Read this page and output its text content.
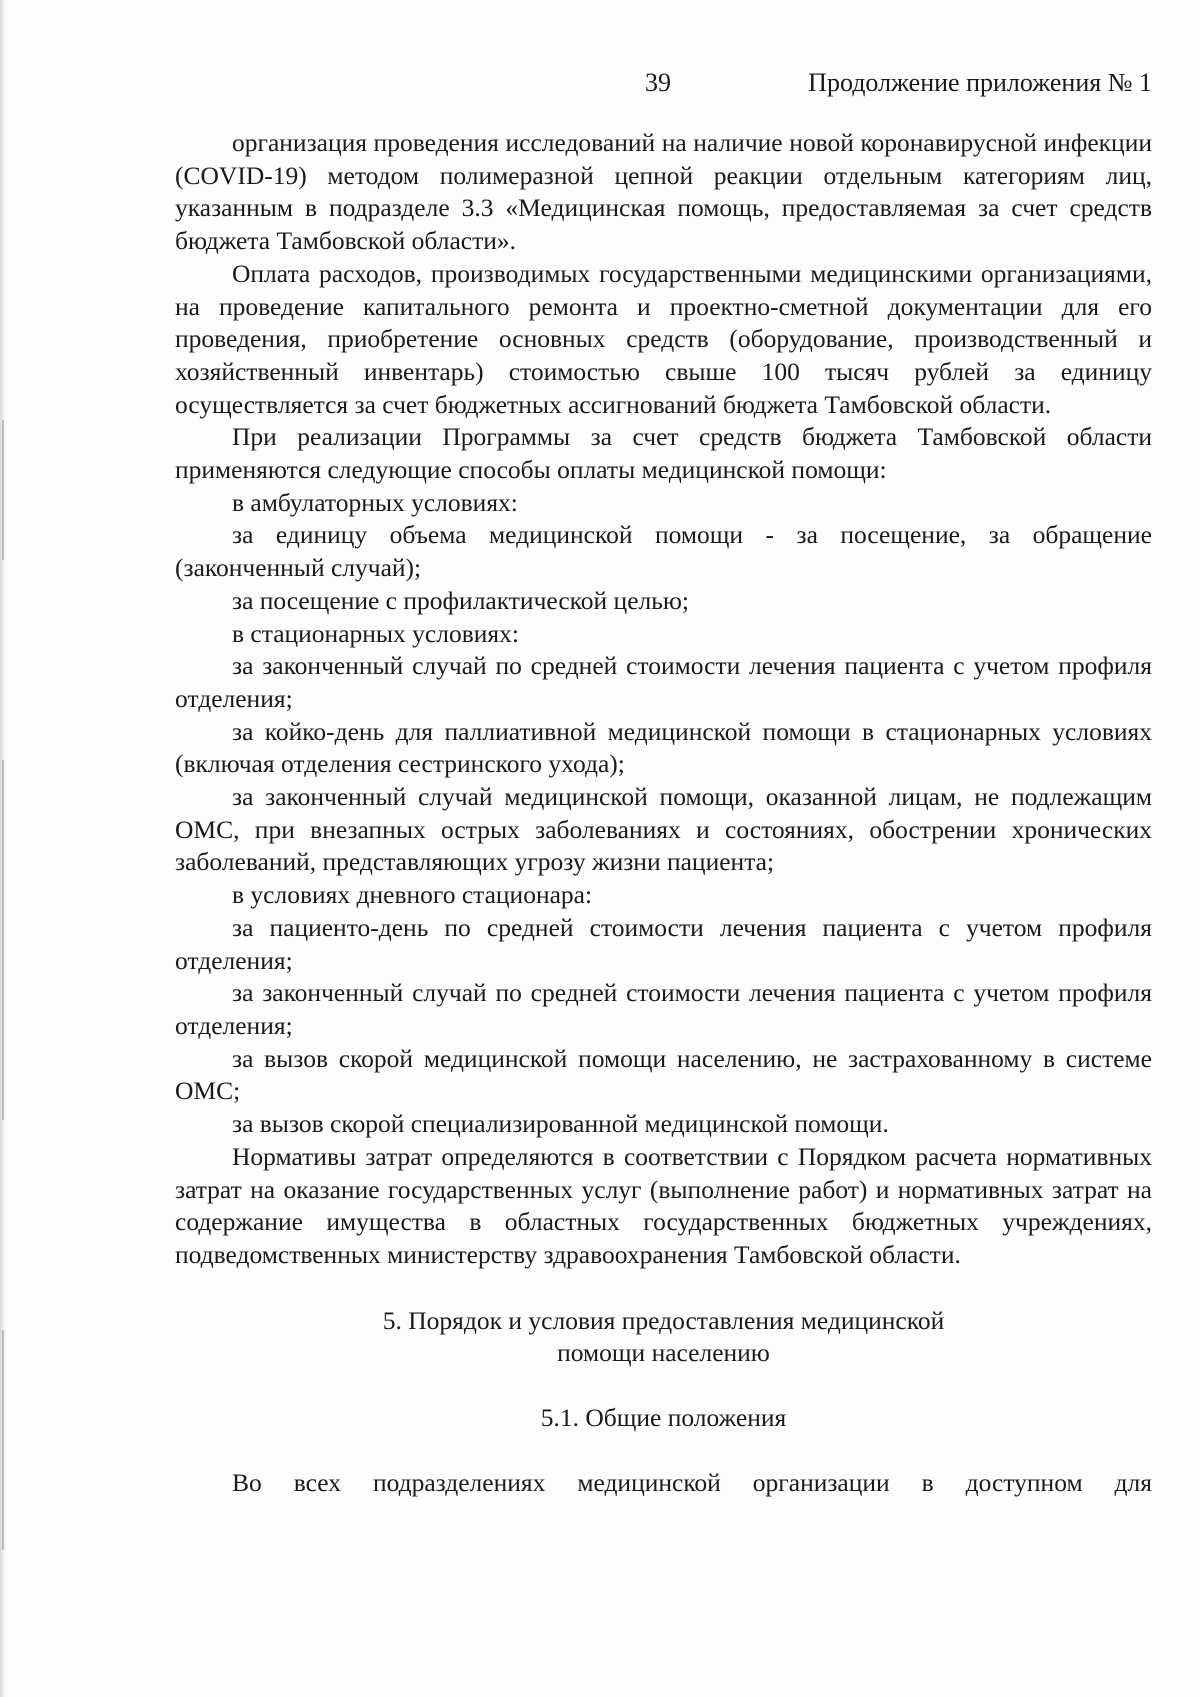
39	Продолжение приложения № 1

организация проведения исследований на наличие новой коронавирусной инфекции (COVID-19) методом полимеразной цепной реакции отдельным категориям лиц, указанным в подразделе 3.3 «Медицинская помощь, предоставляемая за счет средств бюджета Тамбовской области».

Оплата расходов, производимых государственными медицинскими организациями, на проведение капитального ремонта и проектно-сметной документации для его проведения, приобретение основных средств (оборудование, производственный и хозяйственный инвентарь) стоимостью свыше 100 тысяч рублей за единицу осуществляется за счет бюджетных ассигнований бюджета Тамбовской области.

При реализации Программы за счет средств бюджета Тамбовской области применяются следующие способы оплаты медицинской помощи:

в амбулаторных условиях:

за единицу объема медицинской помощи - за посещение, за обращение (законченный случай);

за посещение с профилактической целью;

в стационарных условиях:

за законченный случай по средней стоимости лечения пациента с учетом профиля отделения;

за койко-день для паллиативной медицинской помощи в стационарных условиях (включая отделения сестринского ухода);

за законченный случай медицинской помощи, оказанной лицам, не подлежащим ОМС, при внезапных острых заболеваниях и состояниях, обострении хронических заболеваний, представляющих угрозу жизни пациента;

в условиях дневного стационара:

за пациенто-день по средней стоимости лечения пациента с учетом профиля отделения;

за законченный случай по средней стоимости лечения пациента с учетом профиля отделения;

за вызов скорой медицинской помощи населению, не застрахованному в системе ОМС;

за вызов скорой специализированной медицинской помощи.

Нормативы затрат определяются в соответствии с Порядком расчета нормативных затрат на оказание государственных услуг (выполнение работ) и нормативных затрат на содержание имущества в областных государственных бюджетных учреждениях, подведомственных министерству здравоохранения Тамбовской области.

5. Порядок и условия предоставления медицинской

помощи населению

5.1. Общие положения

Во всех подразделениях медицинской организации в доступном для
